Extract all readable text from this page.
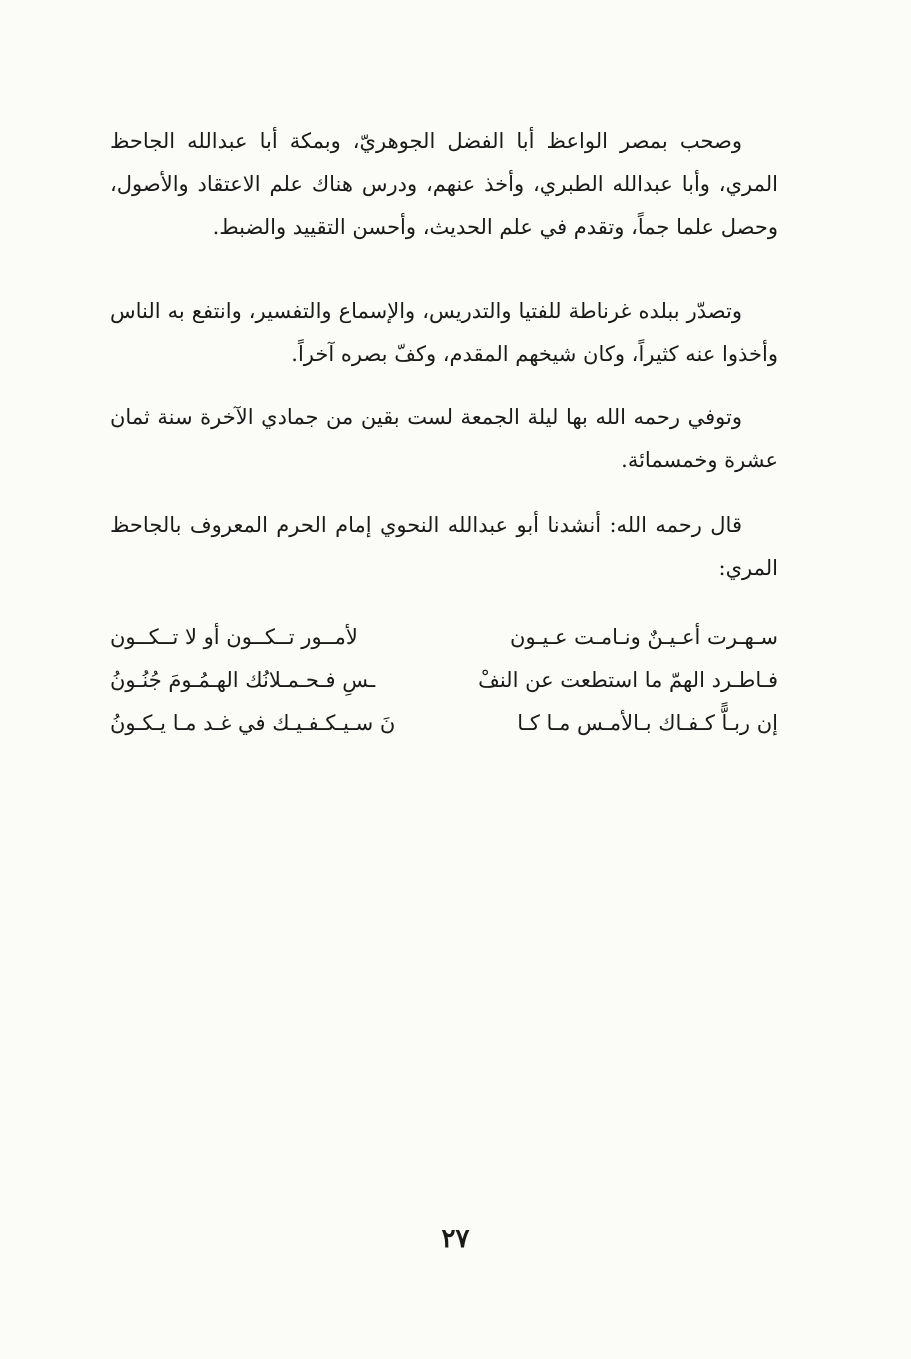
وصحب بمصر الواعظ أبا الفضل الجوهريّ، وبمكة أبا عبدالله الجاحظ المري، وأبا عبدالله الطبري، وأخذ عنهم، ودرس هناك علم الاعتقاد والأصول، وحصل علما جماً، وتقدم في علم الحديث، وأحسن التقييد والضبط.

وتصدّر ببلده غرناطة للفتيا والتدريس، والإسماع والتفسير، وانتفع به الناس وأخذوا عنه كثيراً، وكان شيخهم المقدم، وكفّ بصره آخراً.

وتوفي رحمه الله بها ليلة الجمعة لست بقين من جمادي الآخرة سنة ثمان عشرة وخمسمائة.

قال رحمه الله: أنشدنا أبو عبدالله النحوي إمام الحرم المعروف بالجاحظ المري:

سـهـرت أعـيـنٌ ونـامـت عـيـون
لأمــور تــكــون أو لا تــكــون
فـاطـرد الهمّ ما استطعت عن النفْ
ـسِ فـحـمـلانُك الهـمُـومَ جُنُـونُ
إن ربـاًّ كـفـاك بـالأمـس مـا كـا
نَ سـيـكـفـيـك في غـد مـا يـكـونُ
٢٧
